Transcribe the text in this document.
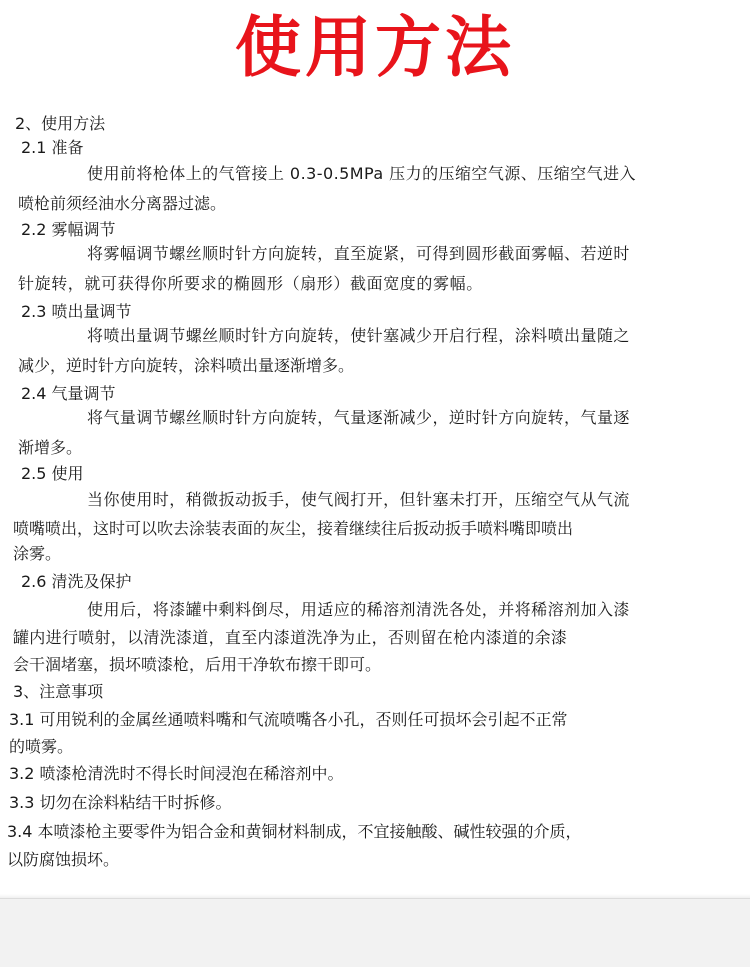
使用方法
2、使用方法
2.1 准备
使用前将枪体上的气管接上 0.3-0.5MPa 压力的压缩空气源、压缩空气进入
喷枪前须经油水分离器过滤。
2.2 雾幅调节
将雾幅调节螺丝顺时针方向旋转，直至旋紧，可得到圆形截面雾幅、若逆时
针旋转，就可获得你所要求的椭圆形（扇形）截面宽度的雾幅。
2.3 喷出量调节
将喷出量调节螺丝顺时针方向旋转，使针塞减少开启行程，涂料喷出量随之
减少，逆时针方向旋转，涂料喷出量逐渐增多。
2.4 气量调节
将气量调节螺丝顺时针方向旋转，气量逐渐减少，逆时针方向旋转，气量逐
渐增多。
2.5 使用
当你使用时，稍微扳动扳手，使气阀打开，但针塞未打开，压缩空气从气流
喷嘴喷出，这时可以吹去涂装表面的灰尘，接着继续往后扳动扳手喷料嘴即喷出
涂雾。
2.6 清洗及保护
使用后，将漆罐中剩料倒尽，用适应的稀溶剂清洗各处，并将稀溶剂加入漆
罐内进行喷射，以清洗漆道，直至内漆道洗净为止，否则留在枪内漆道的余漆
会干涸堵塞，损坏喷漆枪，后用干净软布擦干即可。
3、注意事项
3.1 可用锐利的金属丝通喷料嘴和气流喷嘴各小孔，否则任可损坏会引起不正常
的喷雾。
3.2 喷漆枪清洗时不得长时间浸泡在稀溶剂中。
3.3 切勿在涂料粘结干时拆修。
3.4 本喷漆枪主要零件为铝合金和黄铜材料制成，不宜接触酸、碱性较强的介质，
以防腐蚀损坏。
